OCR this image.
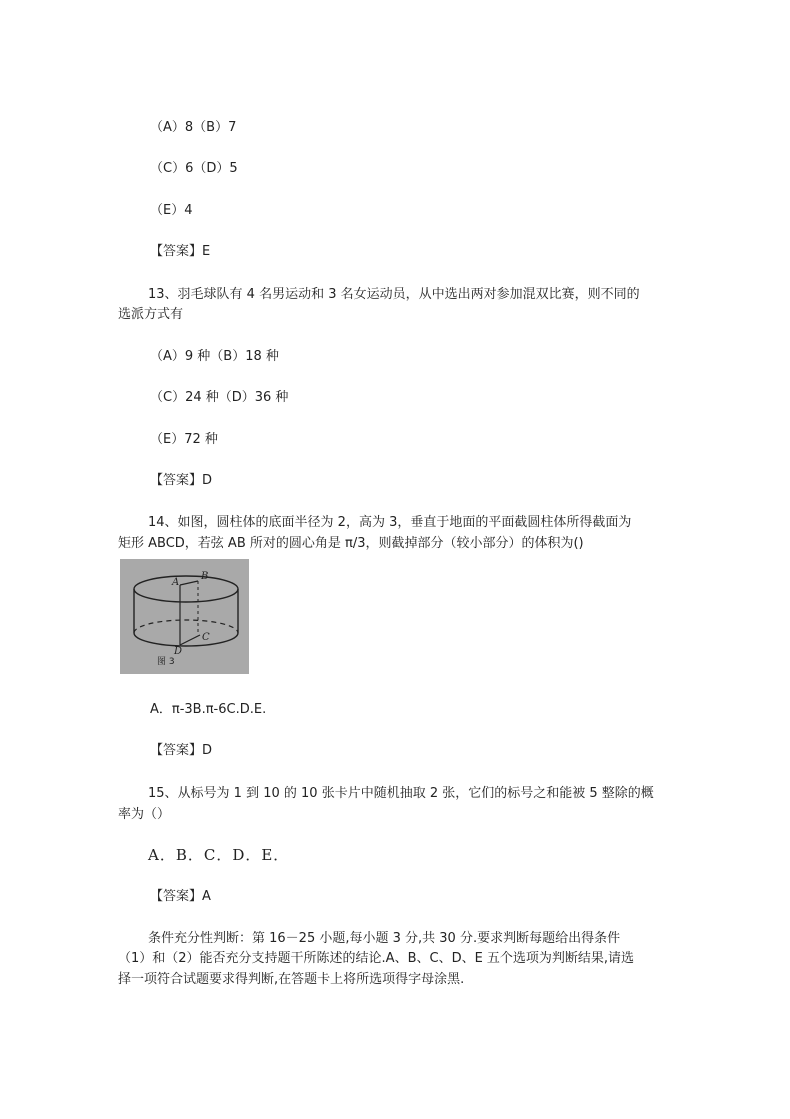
（A）8（B）7
（C）6（D）5
（E）4
【答案】E
13、羽毛球队有 4 名男运动和 3 名女运动员，从中选出两对参加混双比赛，则不同的
选派方式有
（A）9 种（B）18 种
（C）24 种（D）36 种
（E）72 种
【答案】D
14、如图，圆柱体的底面半径为 2，高为 3，垂直于地面的平面截圆柱体所得截面为
矩形 ABCD，若弦 AB 所对的圆心角是 π/3，则截掉部分（较小部分）的体积为()
A
B
C
D
图 3
A．π-3B.π-6C.D.E.
【答案】D
15、从标号为 1 到 10 的 10 张卡片中随机抽取 2 张，它们的标号之和能被 5 整除的概
率为（）
A．B．C．D．E．
【答案】A
条件充分性判断：第 16－25 小题,每小题 3 分,共 30 分.要求判断每题给出得条件
（1）和（2）能否充分支持题干所陈述的结论.A、B、C、D、E 五个选项为判断结果,请选
择一项符合试题要求得判断,在答题卡上将所选项得字母涂黑.
